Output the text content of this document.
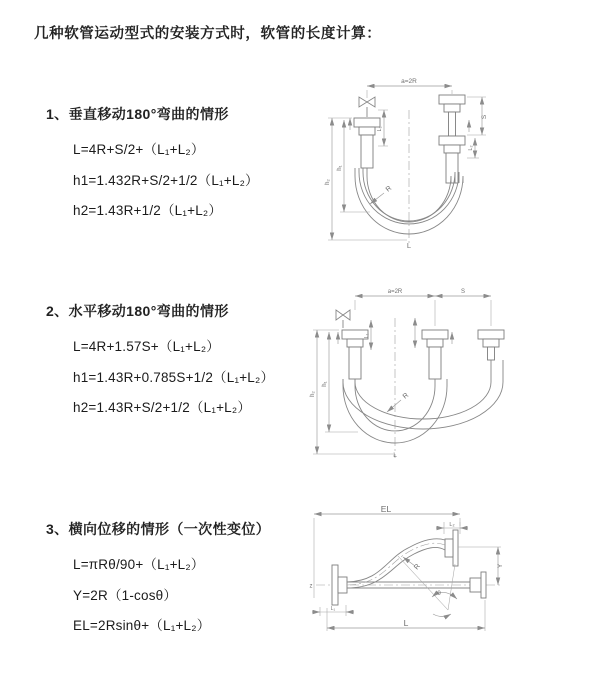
几种软管运动型式的安装方式时，软管的长度计算：
1、垂直移动180°弯曲的情形
L=4R+S/2+（L₁+L₂）
h1=1.432R+S/2+1/2（L₁+L₂）
h2=1.43R+1/2（L₁+L₂）
a=2R
R
h₂
h₁
L₁
S
L₂
L
2、水平移动180°弯曲的情形
L=4R+1.57S+（L₁+L₂）
h1=1.43R+0.785S+1/2（L₁+L₂）
h2=1.43R+S/2+1/2（L₁+L₂）
a=2R	S
R
h₂
h₁
L₁
L
3、横向位移的情形（一次性变位）
L=πRθ/90+（L₁+L₂）
Y=2R（1-cosθ）
EL=2Rsinθ+（L₁+L₂）
z
EL
L₂
R
θ
Y
L₁
L
